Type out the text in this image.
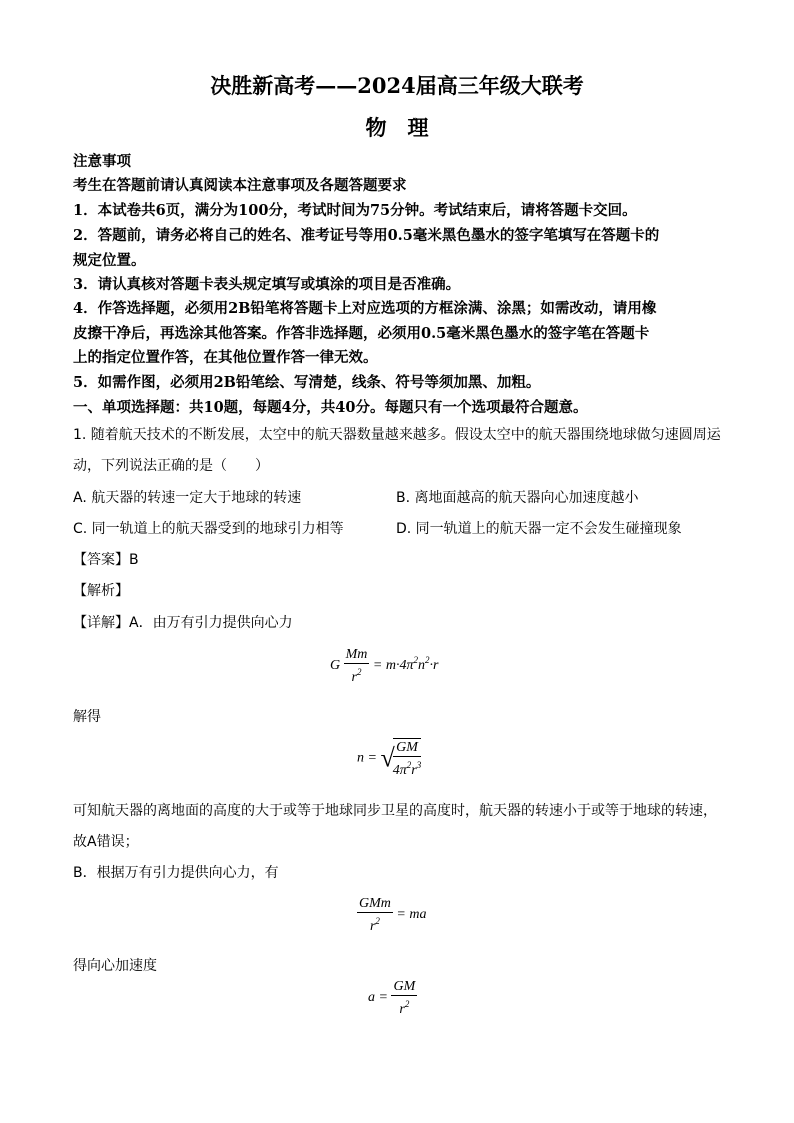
决胜新高考——2024届高三年级大联考
物　理
注意事项
考生在答题前请认真阅读本注意事项及各题答题要求
1．本试卷共6页，满分为100分，考试时间为75分钟。考试结束后，请将答题卡交回。
2．答题前，请务必将自己的姓名、准考证号等用0.5毫米黑色墨水的签字笔填写在答题卡的
规定位置。
3．请认真核对答题卡表头规定填写或填涂的项目是否准确。
4．作答选择题，必须用2B铅笔将答题卡上对应选项的方框涂满、涂黑；如需改动，请用橡
皮擦干净后，再选涂其他答案。作答非选择题，必须用0.5毫米黑色墨水的签字笔在答题卡
上的指定位置作答，在其他位置作答一律无效。
5．如需作图，必须用2B铅笔绘、写清楚，线条、符号等须加黑、加粗。
一、单项选择题：共10题，每题4分，共40分。每题只有一个选项最符合题意。
1. 随着航天技术的不断发展，太空中的航天器数量越来越多。假设太空中的航天器围绕地球做匀速圆周运
动，下列说法正确的是（　　）
A. 航天器的转速一定大于地球的转速	B. 离地面越高的航天器向心加速度越小
C. 同一轨道上的航天器受到的地球引力相等	D. 同一轨道上的航天器一定不会发生碰撞现象
【答案】B
【解析】
【详解】A．由万有引力提供向心力
G $\frac{Mm}{r^2} = m\cdot 4\pi^2n^2\cdot r$
解得
n = √
$\frac{GM}{4\pi^2r^3}$
可知航天器的离地面的高度的大于或等于地球同步卫星的高度时，航天器的转速小于或等于地球的转速，
故A错误；
B．根据万有引力提供向心力，有
$\frac{\text{GMm}}{r^2}$ = ma
得向心加速度
$a = \frac{GM}{r^2}$
